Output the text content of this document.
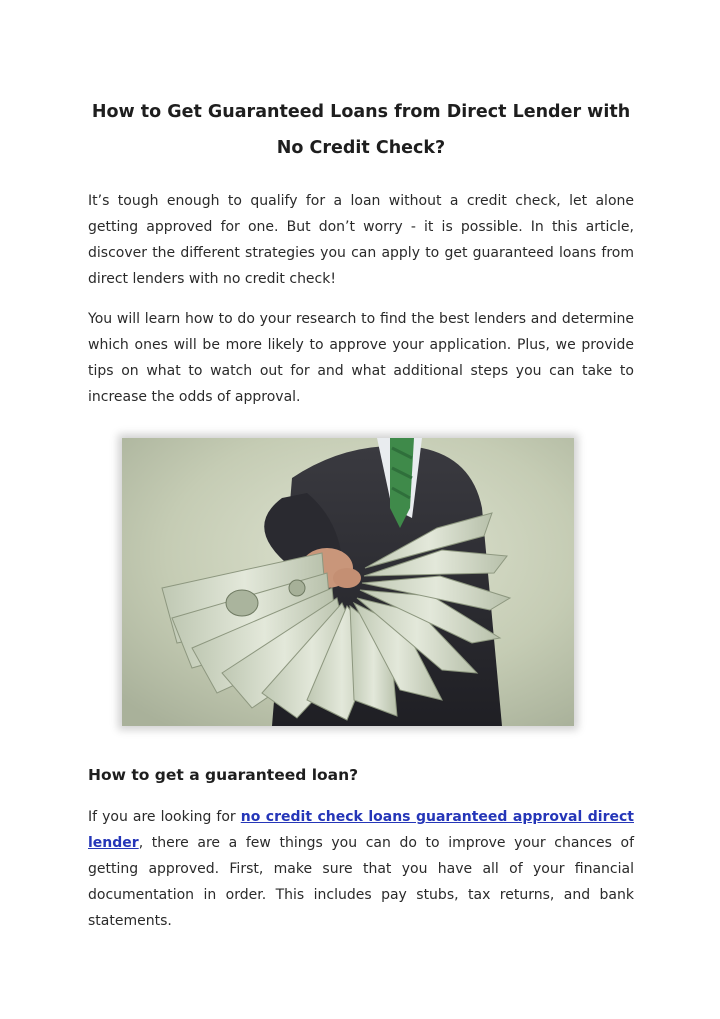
How to Get Guaranteed Loans from Direct Lender with No Credit Check?

It’s tough enough to qualify for a loan without a credit check, let alone getting approved for one. But don’t worry - it is possible. In this article, discover the different strategies you can apply to get guaranteed loans from direct lenders with no credit check!

You will learn how to do your research to find the best lenders and determine which ones will be more likely to approve your application. Plus, we provide tips on what to watch out for and what additional steps you can take to increase the odds of approval.

How to get a guaranteed loan?

If you are looking for no credit check loans guaranteed approval direct lender, there are a few things you can do to improve your chances of getting approved. First, make sure that you have all of your financial documentation in order. This includes pay stubs, tax returns, and bank statements.
